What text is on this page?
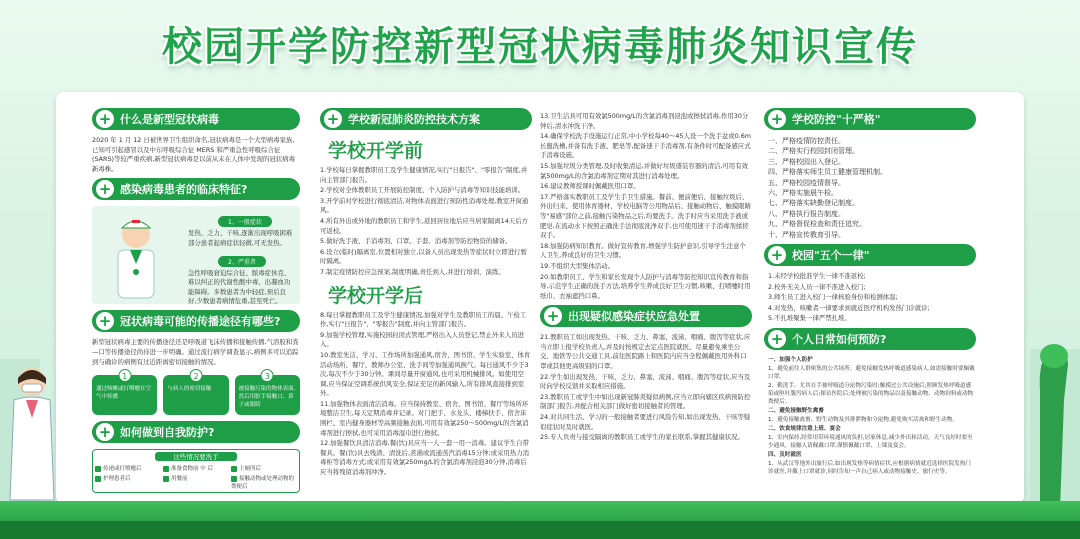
校园开学防控新型冠状病毒肺炎知识宣传
+ 什么是新型冠状病毒
2020 年 1 月 12 日被世界卫生组织命名,冠状病毒是一个大型病毒家族,已知可引起感冒以及中东呼吸综合征 MERS 和严重急性呼吸综合征(SARS)等较严重疾病,新型冠状病毒是以前从未在人体中发现的冠状病毒新毒株。
+ 感染病毒患者的临床特征?
1、一般症状
发热、乏力、干咳,逐渐出现呼吸困难部分患者起病症状轻微,可无发热。
2、严重者
急性呼吸窘迫综合征、脓毒症休克、难以纠正的代谢性酸中毒、出凝血功能障碍。多数患者为中轻症,预后良好,少数患者病情危重,甚至死亡。
+ 冠状病毒可能的传播途径有哪些?
新型冠状病毒主要的传播途径还是呼吸道飞沫传播和接触传播,气溶胶和粪—口等传播途径尚待进一步明确。通过流行病学调查显示,病例多可以追踪到与确诊的病例有过近距离密切接触的情况。
1
通过咳嗽或打喷嚏在空气中传播
2
与病人的密切接触
3
被接触污染的物体表面,然后用脏手接触口、鼻子或眼睛
+ 如何做到自我防护?
这些情况要洗手
传递或打喷嚏后	准备食物前 中 后	上厕所后
护理患者后	用餐前	接触动物或处理动物的粪便后
+ 学校新冠肺炎防控技术方案
学校开学前

1.学校每日掌握教职员工及学生健康情况,实行"日报告"、"零报告"制度,并向主管部门报告。

2.学校对全体教职员工开展防控制度、个人防护与消毒等知识技能培训。

3.开学前对学校进行彻底清洁,对物体表面进行预防性消毒处理,教室开窗通风。

4.所有外出或外地的教职员工和学生,返回居住地后应当居家隔离14天后方可返校。

5.做好洗手液、手消毒剂、口罩、手套、消毒剂等防控物资的储备。

6.设立(临时)隔离室,位置相对独立,以备人员出现发热等症状时立即进行暂时隔离。

7.制定疫情防控应急预案,制度明确,责任到人,并进行培训、演练。

学校开学后

8.每日掌握教职员工及学生健康情况,加强对学生及教职员工的晨、午检工作,实行"日报告"、"零报告"制度,并向主管部门报告。

9.加强学校管理,实施校园封闭式管理,严格出入人员登记,禁止外来人员进入。

10.教室先洁、学习、工作场所加强通风,宿舍、图书馆、学生实验室、体育活动场所、餐厅、教师办公室、洗手间等加强通风换气。每日通风不少于3次,每次不少于30分钟。课间尽量开窗通风,也可采用机械排风。如使用空调,应当保证空调系统供风安全,保证充足的新风输入,所有排风直接排到室外。

11.加强物体表面清洁消毒。应当保持教室、宿舍、图书馆、餐厅等场所环境整洁卫生,每天定期消毒并记录。对门把手、水龙头、楼梯扶手、宿舍床围栏、室内健身器材等高频接触表面,可用有效氯250～500mg/L的含氯消毒剂进行擦拭,也可采用消毒湿巾进行擦拭。

12.加强餐饮具清洁消毒,餐(饮)具应当一人一套一用一消毒。建议学生自带餐具。餐(饮)具去残渣、清洗后,煮沸或流通蒸汽消毒15分钟;或采用热力消毒柜等消毒方式;或采用有效氯250mg/L的含氯消毒剂浸泡30分钟,消毒后应当将残留消毒剂冲净。

13.卫生洁具可用有效氯500mg/L的含氯消毒剂浸泡或擦拭消毒,作用30分钟后,清水冲洗干净。

14.确保学校洗手设施运行正常,中小学校每40～45人设一个洗手盆或0.6m长盥洗槽,并备有洗手液、肥皂等,配备速干手消毒剂,有条件时可配备感应式手消毒设施。

15.加强垃圾分类管理,及时收集清运,并做好垃圾盛装容器的清洁,可用有效氯500mg/L的含氯消毒剂定期对其进行消毒处理。

16.建议教师授课时佩戴医用口罩。

17.严格落实教职员工及学生手卫生措施。餐前、便前便后、接触垃圾后、外出归来、使用体育器材、学校电脑等公用物品后、接触动物后、触摸眼睛等"易感"部位之前,接触污染物品之后,均要洗手。洗手时应当采用洗手液或肥皂,在流动水下按照正确洗手法彻底洗净双手,也可使用速干手消毒剂揉搓双手。

18.加强防病知识教育。做好宣传教育,增强学生防护意识,引导学生注意个人卫生,养成良好的卫生习惯。

19.不组织大型集体活动。

20.如教职员工、学生和家长发现个人防护与消毒等防控知识宣传教育和指导,示范学生正确的洗手方法,培养学生养成良好卫生习惯,咳嗽、打喷嚏时用纸巾、衣袖遮挡口鼻。

+ 出现疑似感染症状应急处置

21.教职员工如出现发热、干咳、乏力、鼻塞、流涕、咽痛、腹泻等症状,应当立即上报学校负责人,并及时按规定去定点医院就医。尽量避免乘坐公交、地铁等公共交通工具,前往医院路上和医院内应当全程佩戴医用外科口罩或其他更高级别的口罩。

22.学生如出现发热、干咳、乏力、鼻塞、流涕、咽痛、腹泻等症状,应当及时向学校反馈并采取相应措施。

23.教职员工或学生中如出现新冠肺炎疑似病例,应当立即向辖区疾病预防控制部门报告,并配合相关部门做好密切接触者的管理。

24.对共同生活、学习的一般接触者要进行风险告知,如出现发热、干咳等疑似症状时及时就医。

25.专人负责与接受隔离的教职员工或学生的家长联系,掌握其健康状况。

+ 学校防控"十严格"
一、严格疫情防控责任。
二、严格实行校园封闭管理。
三、严格校园出入登记。
四、严格落实师生员工健康管理机制。
五、严格校园疫情督导。
六、严格实施晨午检。
七、严格落实缺勤登记制度。
八、严格执行报告制度。
九、严格督促检查和责任追究。
十、严格宣传教育引导。
+ 校园"五个一律"

1.未经学校批准学生一律不准返校;

2.校外无关人员一律不准进入校门;

3.师生员工进入校门一律核验身份和检测体温;

4.对发热、咳嗽者一律要求到就近医疗机构发热门诊就诊;

5.不扎堆聚集一律严禁扎堆。

+ 个人日常如何预防?

一、加强个人防护

1、避免前往人群密集的公共场所。避免接触发热呼吸道感染病人,如需接触时要佩戴口罩。

2、勤洗手。尤其在手被呼吸道分泌物污染时;触摸过公共设施后;照顾发热呼吸道感染或呕吐腹泻病人后;探访医院后;处理被污染的物品以及接触动物、动物饲料或动物粪便后。

二、避免接触野生禽畜

1、避免接触禽畜、野生动物及其排泄物和分泌物,避免购买活禽和野生动物。

二、饮食规律注意上班、宴会

1、室内保持,经常用带环境通风的负担,居家休息,减少外出和活动。天气良好时要至少通风。接触人请佩戴口罩,谨慎佩戴口罩、上课及宴会。

四、及时就医

1、从武汉等地外出旅行后,如出现发热等病情症状,应根据病情就近选择医院发热门诊就医,并戴上口罩就诊,同时告知一声自己病人或动物接触史、旅行史等。
